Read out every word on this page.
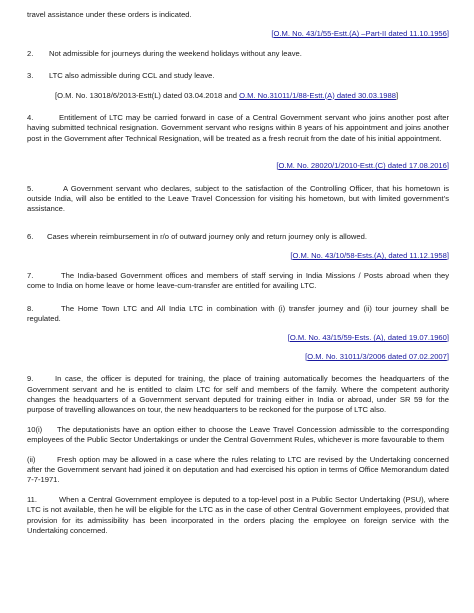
travel assistance under these orders is indicated.

[O.M. No. 43/1/55-Estt.(A) –Part-II dated 11.10.1956]

2. Not admissible for journeys during the weekend holidays without any leave.

3. LTC also admissible during CCL and study leave.

[O.M. No. 13018/6/2013-Estt(L) dated 03.04.2018 and O.M. No.31011/1/88-Estt.(A) dated 30.03.1988]

4.	Entitlement of LTC may be carried forward in case of a Central Government servant who joins another post after having submitted technical resignation. Government servant who resigns within 8 years of his appointment and joins another post in the Government after Technical Resignation, will be treated as a fresh recruit from the date of his initial appointment.

[O.M. No. 28020/1/2010-Estt.(C) dated 17.08.2016]

5.	A Government servant who declares, subject to the satisfaction of the Controlling Officer, that his hometown is outside India, will also be entitled to the Leave Travel Concession for visiting his hometown, but with limited government’s assistance.

6. Cases wherein reimbursement in r/o of outward journey only and return journey only is allowed.

[O.M. No. 43/10/58-Ests.(A), dated 11.12.1958]

7.	The India-based Government offices and members of staff serving in India Missions / Posts abroad when they come to India on home leave or home leave-cum-transfer are entitled for availing LTC.

8.	The Home Town LTC and All India LTC in combination with (i) transfer journey and (ii) tour journey shall be regulated.

[O.M. No. 43/15/59-Ests. (A), dated 19.07.1960]

[O.M. No. 31011/3/2006 dated 07.02.2007]

9.	In case, the officer is deputed for training, the place of training automatically becomes the headquarters of the Government servant and he is entitled to claim LTC for self and members of the family. Where the competent authority changes the headquarters of a Government servant deputed for training either in India or abroad, under SR 59 for the purpose of travelling allowances on tour, the new headquarters to be reckoned for the purpose of LTC also.

10(i) The deputationists have an option either to choose the Leave Travel Concession admissible to the corresponding employees of the Public Sector Undertakings or under the Central Government Rules, whichever is more favourable to them

(ii)	Fresh option may be allowed in a case where the rules relating to LTC are revised by the Undertaking concerned after the Government servant had joined it on deputation and had exercised his option in terms of Office Memorandum dated 7-7-1971.

11.	When a Central Government employee is deputed to a top-level post in a Public Sector Undertaking (PSU), where LTC is not available, then he will be eligible for the LTC as in the case of other Central Government employees, provided that provision for its admissibility has been incorporated in the orders placing the employee on foreign service with the Undertaking concerned.
